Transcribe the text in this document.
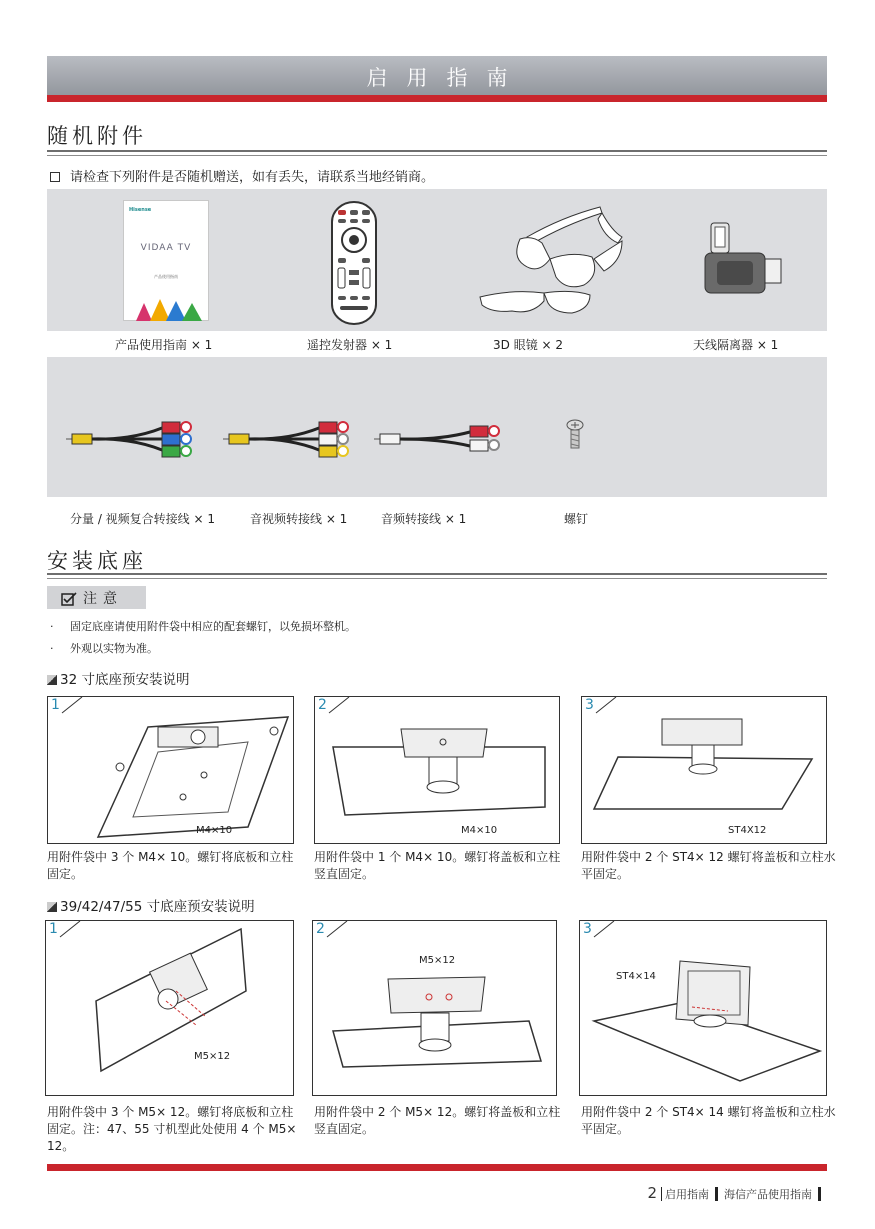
启用指南
随机附件
请检查下列附件是否随机赠送，如有丢失，请联系当地经销商。
Hisense
VIDAA TV
产品使用指南
产品使用指南 × 1	遥控发射器 × 1	3D 眼镜 × 2	天线隔离器 × 1
分量 / 视频复合转接线 × 1	音视频转接线 × 1	音频转接线 × 1	螺钉
安装底座
注意
· 固定底座请使用附件袋中相应的配套螺钉，以免损坏整机。
· 外观以实物为准。
32 寸底座预安装说明
1
M4×10
用附件袋中 3 个 M4× 10。螺钉将底板和立柱固定。
2
M4×10
用附件袋中 1 个 M4× 10。螺钉将盖板和立柱竖直固定。
3
ST4X12
用附件袋中 2 个 ST4× 12 螺钉将盖板和立柱水平固定。
39/42/47/55 寸底座预安装说明
1
M5×12
用附件袋中 3 个 M5× 12。螺钉将底板和立柱固定。注：47、55 寸机型此处使用 4 个 M5× 12。
2
M5×12
用附件袋中 2 个 M5× 12。螺钉将盖板和立柱竖直固定。
3
ST4×14
用附件袋中 2 个 ST4× 14 螺钉将盖板和立柱水平固定。
2 启用指南 海信产品使用指南
